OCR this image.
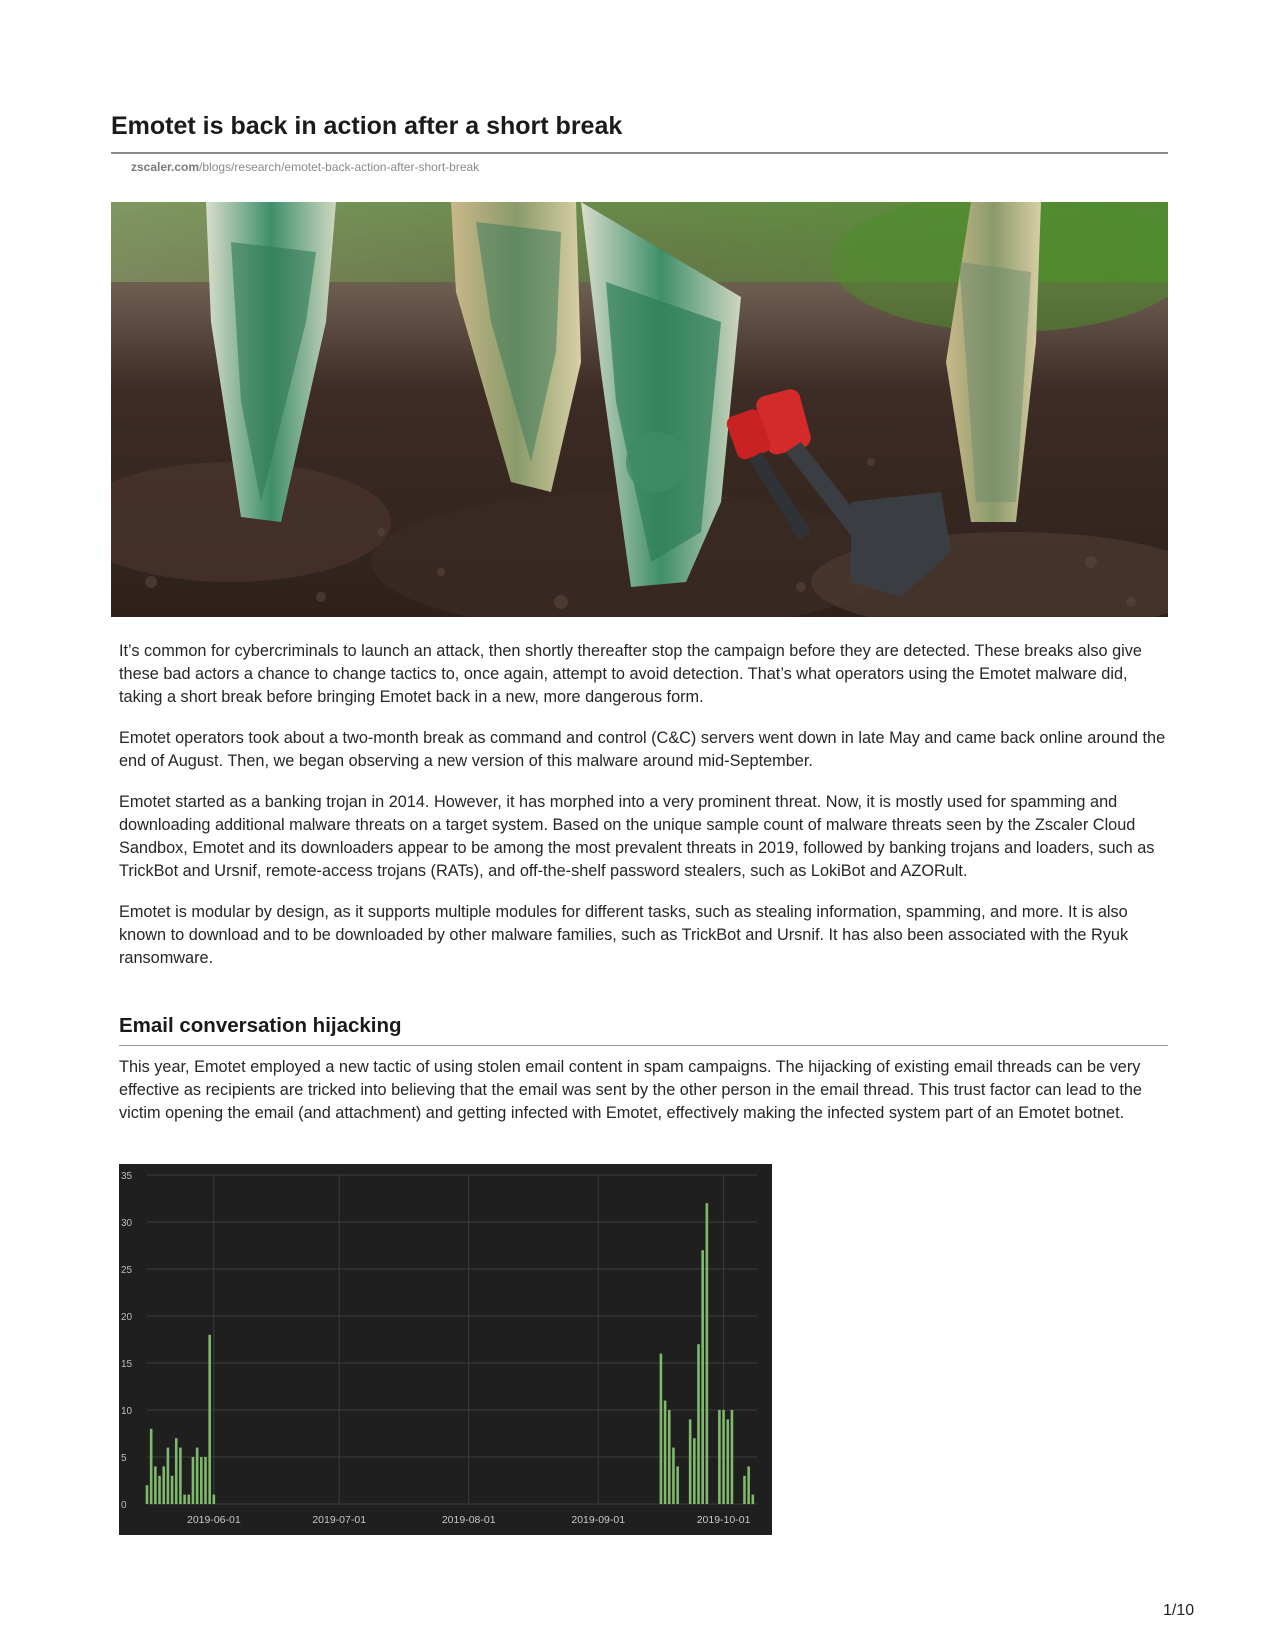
Emotet is back in action after a short break
zscaler.com/blogs/research/emotet-back-action-after-short-break

It’s common for cybercriminals to launch an attack, then shortly thereafter stop the campaign before they are detected. These breaks also give these bad actors a chance to change tactics to, once again, attempt to avoid detection. That’s what operators using the Emotet malware did, taking a short break before bringing Emotet back in a new, more dangerous form.

Emotet operators took about a two-month break as command and control (C&C) servers went down in late May and came back online around the end of August. Then, we began observing a new version of this malware around mid-September.

Emotet started as a banking trojan in 2014. However, it has morphed into a very prominent threat. Now, it is mostly used for spamming and downloading additional malware threats on a target system. Based on the unique sample count of malware threats seen by the Zscaler Cloud Sandbox, Emotet and its downloaders appear to be among the most prevalent threats in 2019, followed by banking trojans and loaders, such as TrickBot and Ursnif, remote-access trojans (RATs), and off-the-shelf password stealers, such as LokiBot and AZORult.

Emotet is modular by design, as it supports multiple modules for different tasks, such as stealing information, spamming, and more. It is also known to download and to be downloaded by other malware families, such as TrickBot and Ursnif. It has also been associated with the Ryuk ransomware.

Email conversation hijacking

This year, Emotet employed a new tactic of using stolen email content in spam campaigns. The hijacking of existing email threads can be very effective as recipients are tricked into believing that the email was sent by the other person in the email thread. This trust factor can lead to the victim opening the email (and attachment) and getting infected with Emotet, effectively making the infected system part of an Emotet botnet.

0
5
10
15
20
25
30
35
2019-06-01	2019-07-01	2019-08-01	2019-09-01	2019-10-01
1/10
